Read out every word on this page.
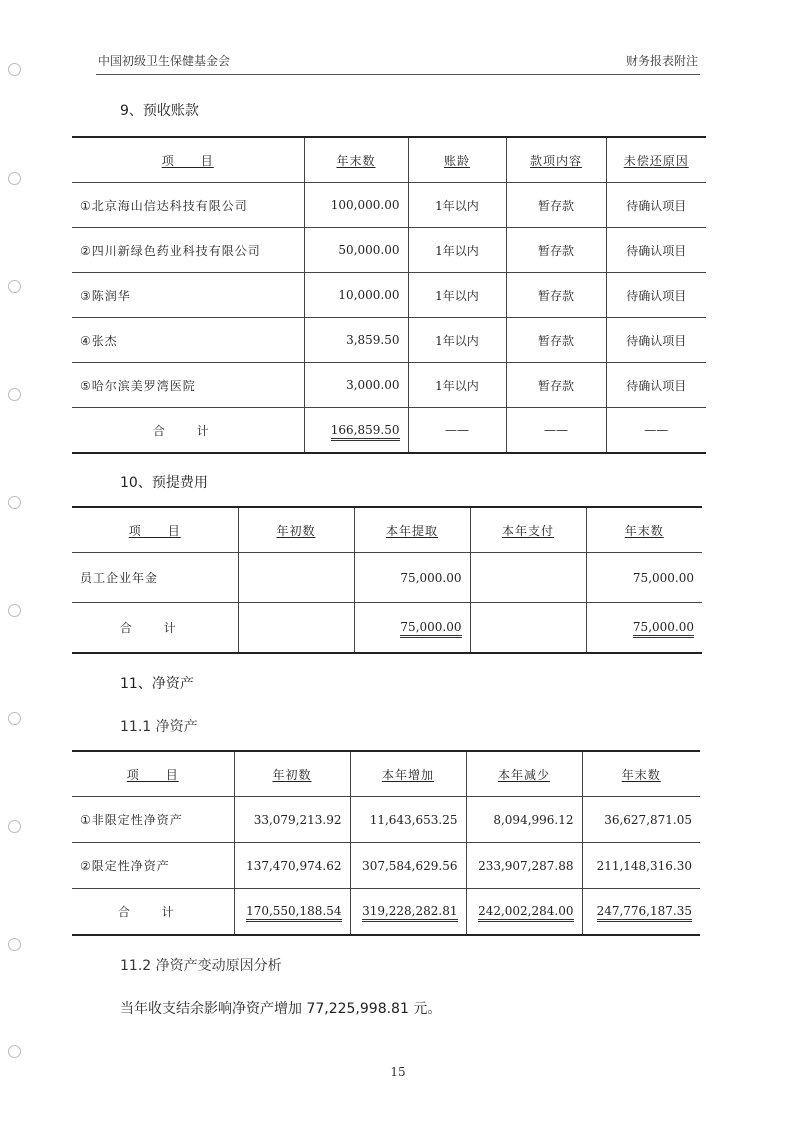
中国初级卫生保健基金会	财务报表附注
9、预收账款
项　　目	年末数	账龄	款项内容	未偿还原因
①北京海山信达科技有限公司	100,000.00	1年以内	暂存款	待确认项目
②四川新绿色药业科技有限公司	50,000.00	1年以内	暂存款	待确认项目
③陈润华	10,000.00	1年以内	暂存款	待确认项目
④张杰	3,859.50	1年以内	暂存款	待确认项目
⑤哈尔滨美罗湾医院	3,000.00	1年以内	暂存款	待确认项目
合 计	166,859.50	——	——	——
10、预提费用
项　　目	年初数	本年提取	本年支付	年末数
员工企业年金		75,000.00		75,000.00
合 计		75,000.00		75,000.00
11、净资产
11.1 净资产
项　　目	年初数	本年增加	本年减少	年末数
①非限定性净资产	33,079,213.92	11,643,653.25	8,094,996.12	36,627,871.05
②限定性净资产	137,470,974.62	307,584,629.56	233,907,287.88	211,148,316.30
合 计	170,550,188.54	319,228,282.81	242,002,284.00	247,776,187.35
11.2 净资产变动原因分析
当年收支结余影响净资产增加 77,225,998.81 元。
15
